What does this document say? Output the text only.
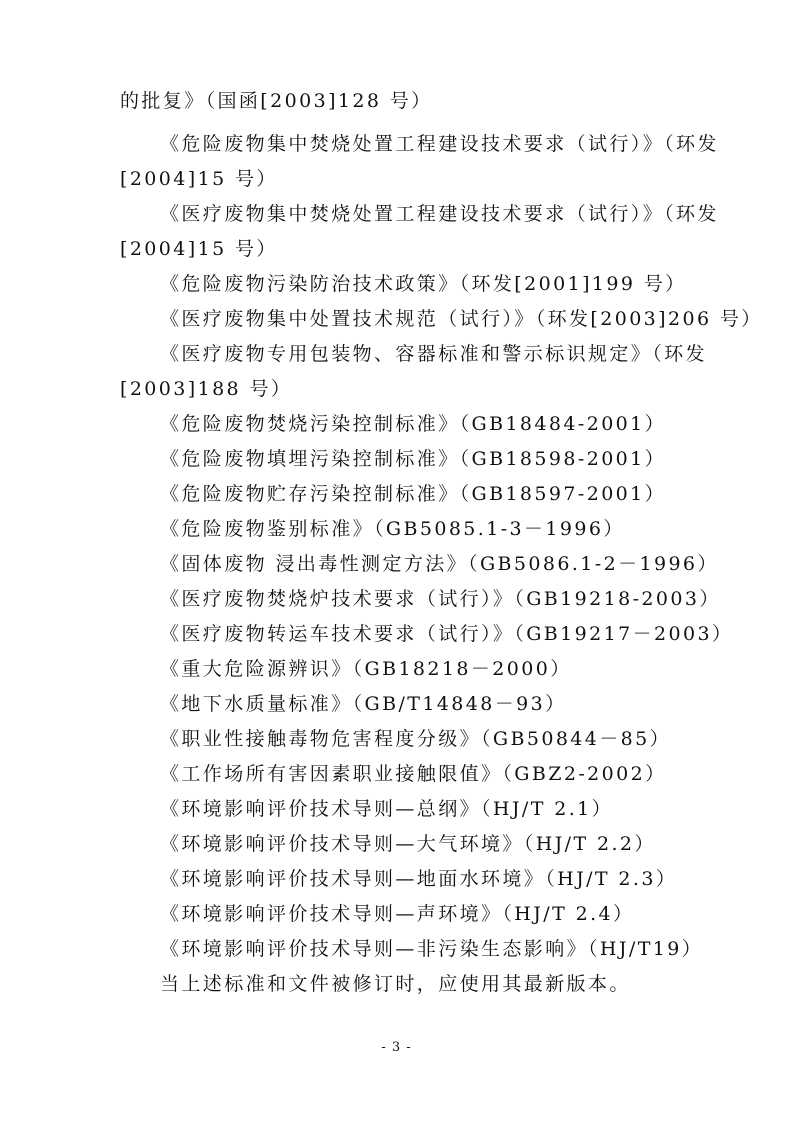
的批复》（国函[2003]128 号）
《危险废物集中焚烧处置工程建设技术要求（试行）》（环发
[2004]15 号）
《医疗废物集中焚烧处置工程建设技术要求（试行）》（环发
[2004]15 号）
《危险废物污染防治技术政策》（环发[2001]199 号）
《医疗废物集中处置技术规范（试行）》（环发[2003]206 号）
《医疗废物专用包装物、容器标准和警示标识规定》（环发
[2003]188 号）
《危险废物焚烧污染控制标准》（GB18484-2001）
《危险废物填埋污染控制标准》（GB18598-2001）
《危险废物贮存污染控制标准》（GB18597-2001）
《危险废物鉴别标准》（GB5085.1-3－1996）
《固体废物 浸出毒性测定方法》（GB5086.1-2－1996）
《医疗废物焚烧炉技术要求（试行）》（GB19218-2003）
《医疗废物转运车技术要求（试行）》（GB19217－2003）
《重大危险源辨识》（GB18218－2000）
《地下水质量标准》（GB/T14848－93）
《职业性接触毒物危害程度分级》（GB50844－85）
《工作场所有害因素职业接触限值》（GBZ2-2002）
《环境影响评价技术导则—总纲》（HJ/T 2.1）
《环境影响评价技术导则—大气环境》（HJ/T 2.2）
《环境影响评价技术导则—地面水环境》（HJ/T 2.3）
《环境影响评价技术导则—声环境》（HJ/T 2.4）
《环境影响评价技术导则—非污染生态影响》（HJ/T19）
当上述标准和文件被修订时，应使用其最新版本。
- 3 -
